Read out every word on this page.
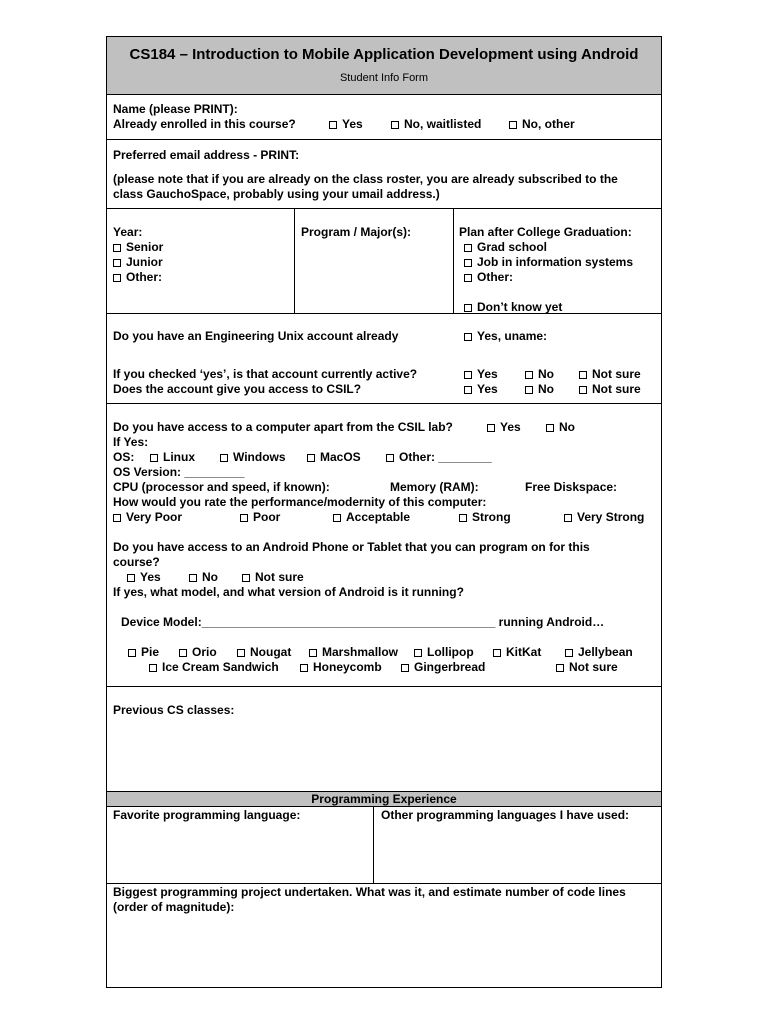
CS184 – Introduction to Mobile Application Development using Android
Student Info Form
Name (please PRINT):
Already enrolled in this course?	Yes	No, waitlisted	No, other
Preferred email address - PRINT:
(please note that if you are already on the class roster, you are already subscribed to the
class GauchoSpace, probably using your umail address.)
Year:
Senior
Junior
Other:
Program / Major(s):	Plan after College Graduation:
Grad school
Job in information systems
Other:
Don’t know yet
Do you have an Engineering Unix account already	Yes, uname:
If you checked ‘yes’, is that account currently active?	Yes	No	Not sure
Does the account give you access to CSIL?	Yes	No	Not sure
Do you have access to a computer apart from the CSIL lab?	Yes	No
If Yes:
OS:	Linux	Windows	MacOS	Other: ________
OS Version: _________
CPU (processor and speed, if known):	Memory (RAM):	Free Diskspace:
How would you rate the performance/modernity of this computer:
Very Poor	Poor	Acceptable	Strong	Very Strong
Do you have access to an Android Phone or Tablet that you can program on for this
course?
Yes	No	Not sure
If yes, what model, and what version of Android is it running?
Device Model:____________________________________________ running Android…
Pie	Orio	Nougat	Marshmallow	Lollipop	KitKat	Jellybean
Ice Cream Sandwich	Honeycomb	Gingerbread	Not sure
Previous CS classes:
Programming Experience
Favorite programming language:	Other programming languages I have used:
Biggest programming project undertaken. What was it, and estimate number of code lines
(order of magnitude):
